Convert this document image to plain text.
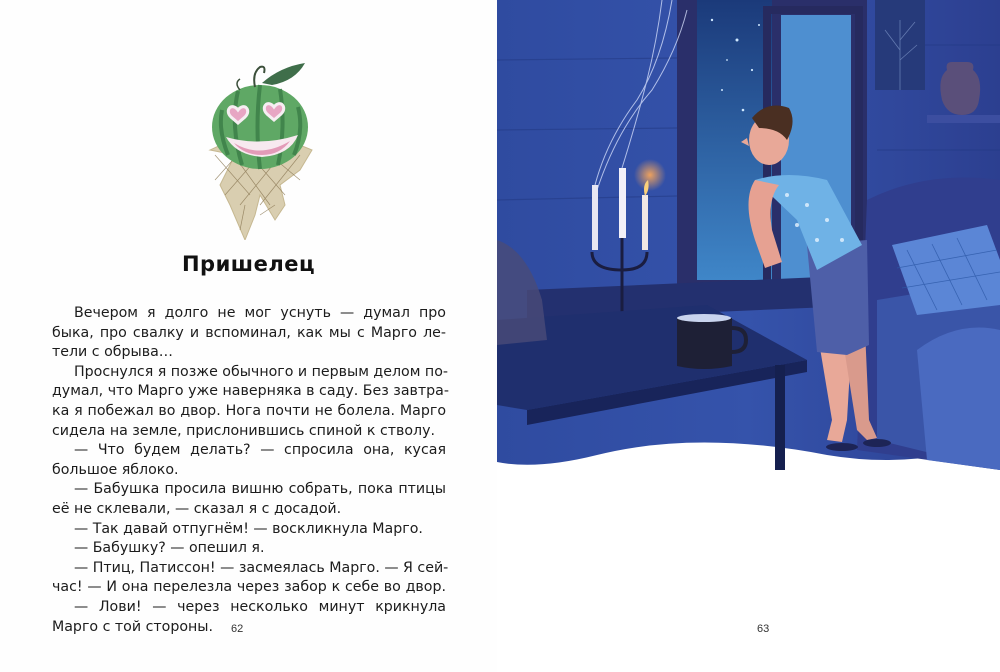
Пришелец
Вечером я долго не мог уснуть — думал про
быка, про свалку и вспоминал, как мы с Марго ле-
тели с обрыва…
Проснулся я позже обычного и первым делом по-
думал, что Марго уже наверняка в саду. Без завтра-
ка я побежал во двор. Нога почти не болела. Марго
сидела на земле, прислонившись спиной к стволу.
— Что будем делать? — спросила она, кусая
большое яблоко.
— Бабушка просила вишню собрать, пока птицы
её не склевали, — сказал я с досадой.
— Так давай отпугнём! — воскликнула Марго.
— Бабушку? — опешил я.
— Птиц, Патиссон! — засмеялась Марго. — Я сей-
час! — И она перелезла через забор к себе во двор.
— Лови! — через несколько минут крикнула
Марго с той стороны.	62	63
